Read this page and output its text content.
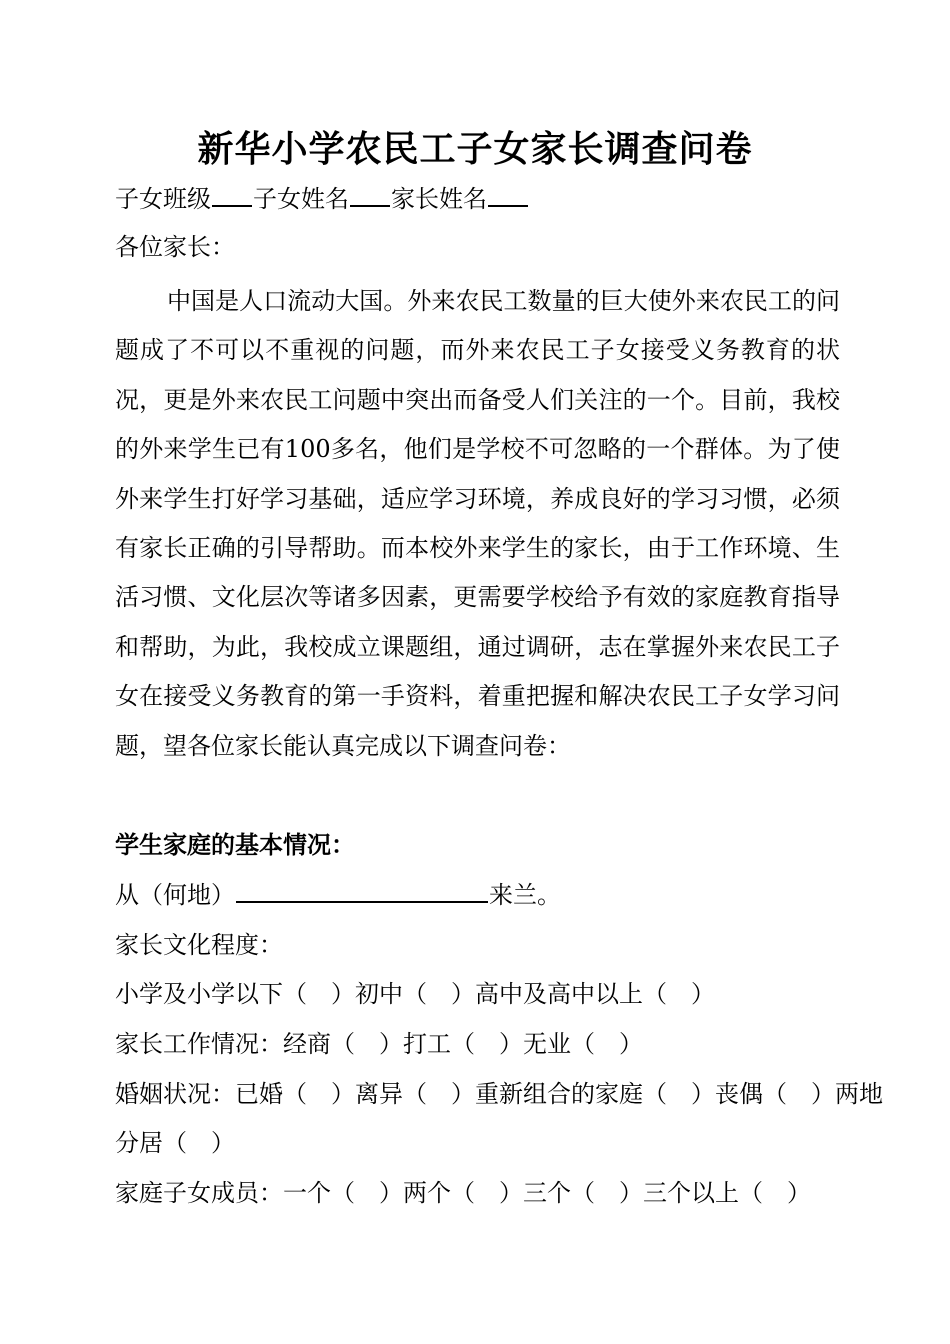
新华小学农民工子女家长调查问卷
子女班级 子女姓名 家长姓名
各位家长：
中国是人口流动大国。外来农民工数量的巨大使外来农民工的问题成了不可以不重视的问题，而外来农民工子女接受义务教育的状况，更是外来农民工问题中突出而备受人们关注的一个。目前，我校的外来学生已有100多名，他们是学校不可忽略的一个群体。为了使外来学生打好学习基础，适应学习环境，养成良好的学习习惯，必须有家长正确的引导帮助。而本校外来学生的家长，由于工作环境、生活习惯、文化层次等诸多因素，更需要学校给予有效的家庭教育指导和帮助，为此，我校成立课题组，通过调研，志在掌握外来农民工子女在接受义务教育的第一手资料，着重把握和解决农民工子女学习问题，望各位家长能认真完成以下调查问卷：
学生家庭的基本情况：
从（何地）	来兰。
家长文化程度：
小学及小学以下（　）初中（　）高中及高中以上（　）
家长工作情况：经商（　）打工（　）无业（　）
婚姻状况：已婚（　）离异（　）重新组合的家庭（　）丧偶（　）两地
分居（　）
家庭子女成员：一个（　）两个（　）三个（　）三个以上（　）
